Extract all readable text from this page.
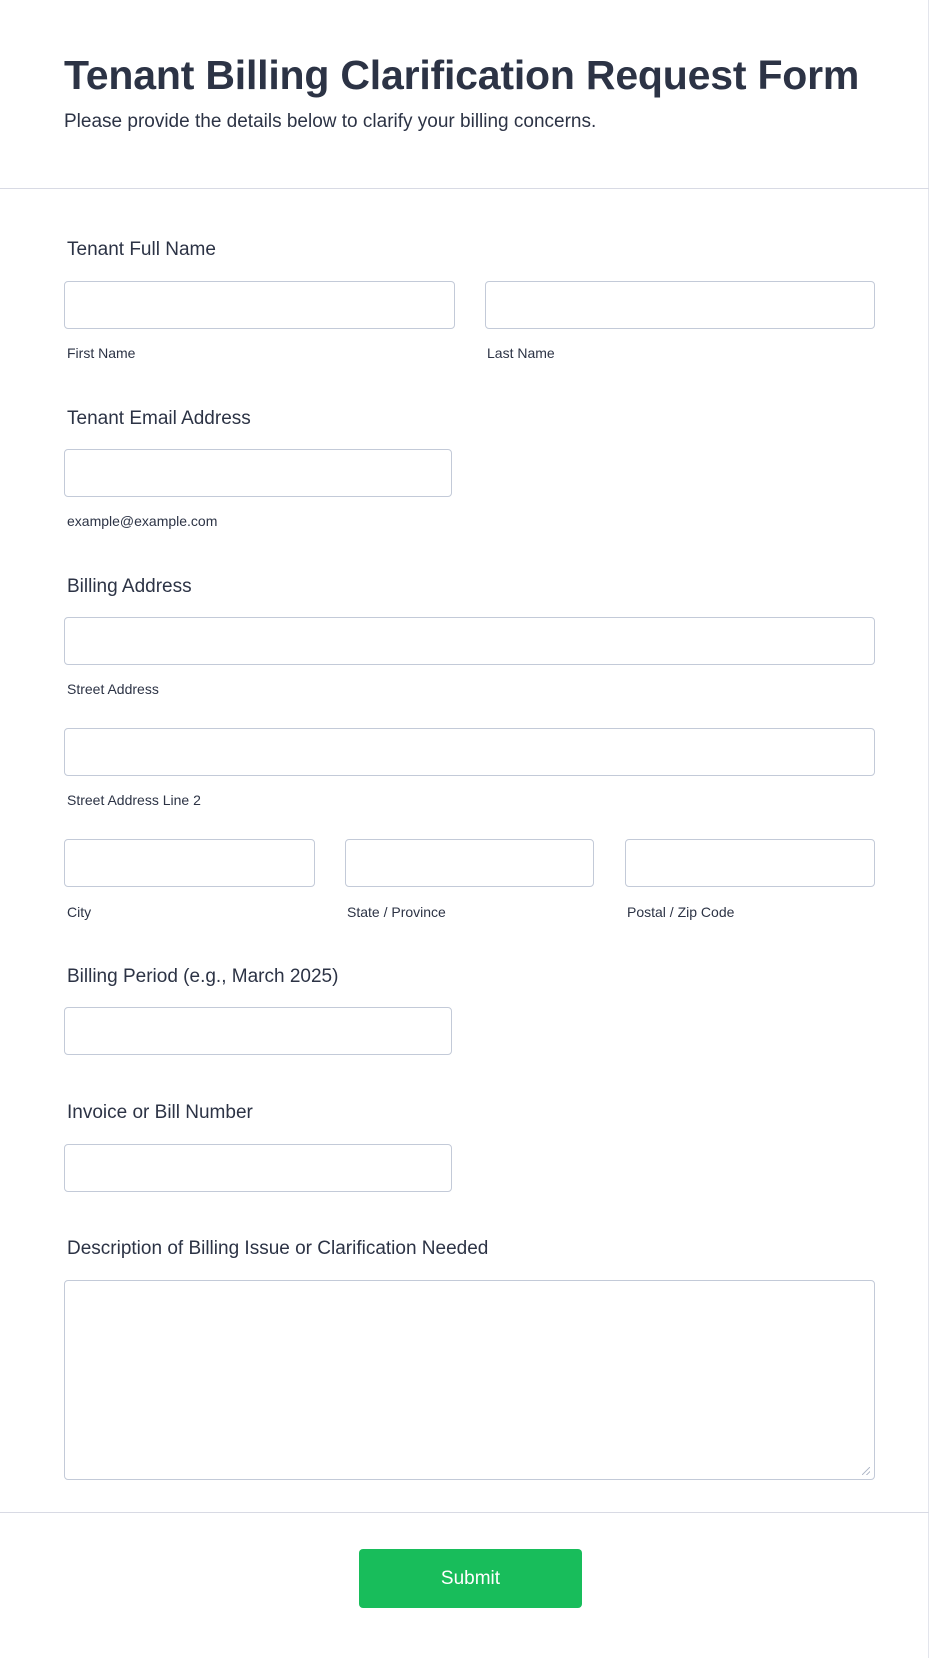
Tenant Billing Clarification Request Form
Please provide the details below to clarify your billing concerns.
Tenant Full Name
First Name	Last Name
Tenant Email Address
example@example.com
Billing Address
Street Address
Street Address Line 2
City	State / Province	Postal / Zip Code
Billing Period (e.g., March 2025)
Invoice or Bill Number
Description of Billing Issue or Clarification Needed
Submit
